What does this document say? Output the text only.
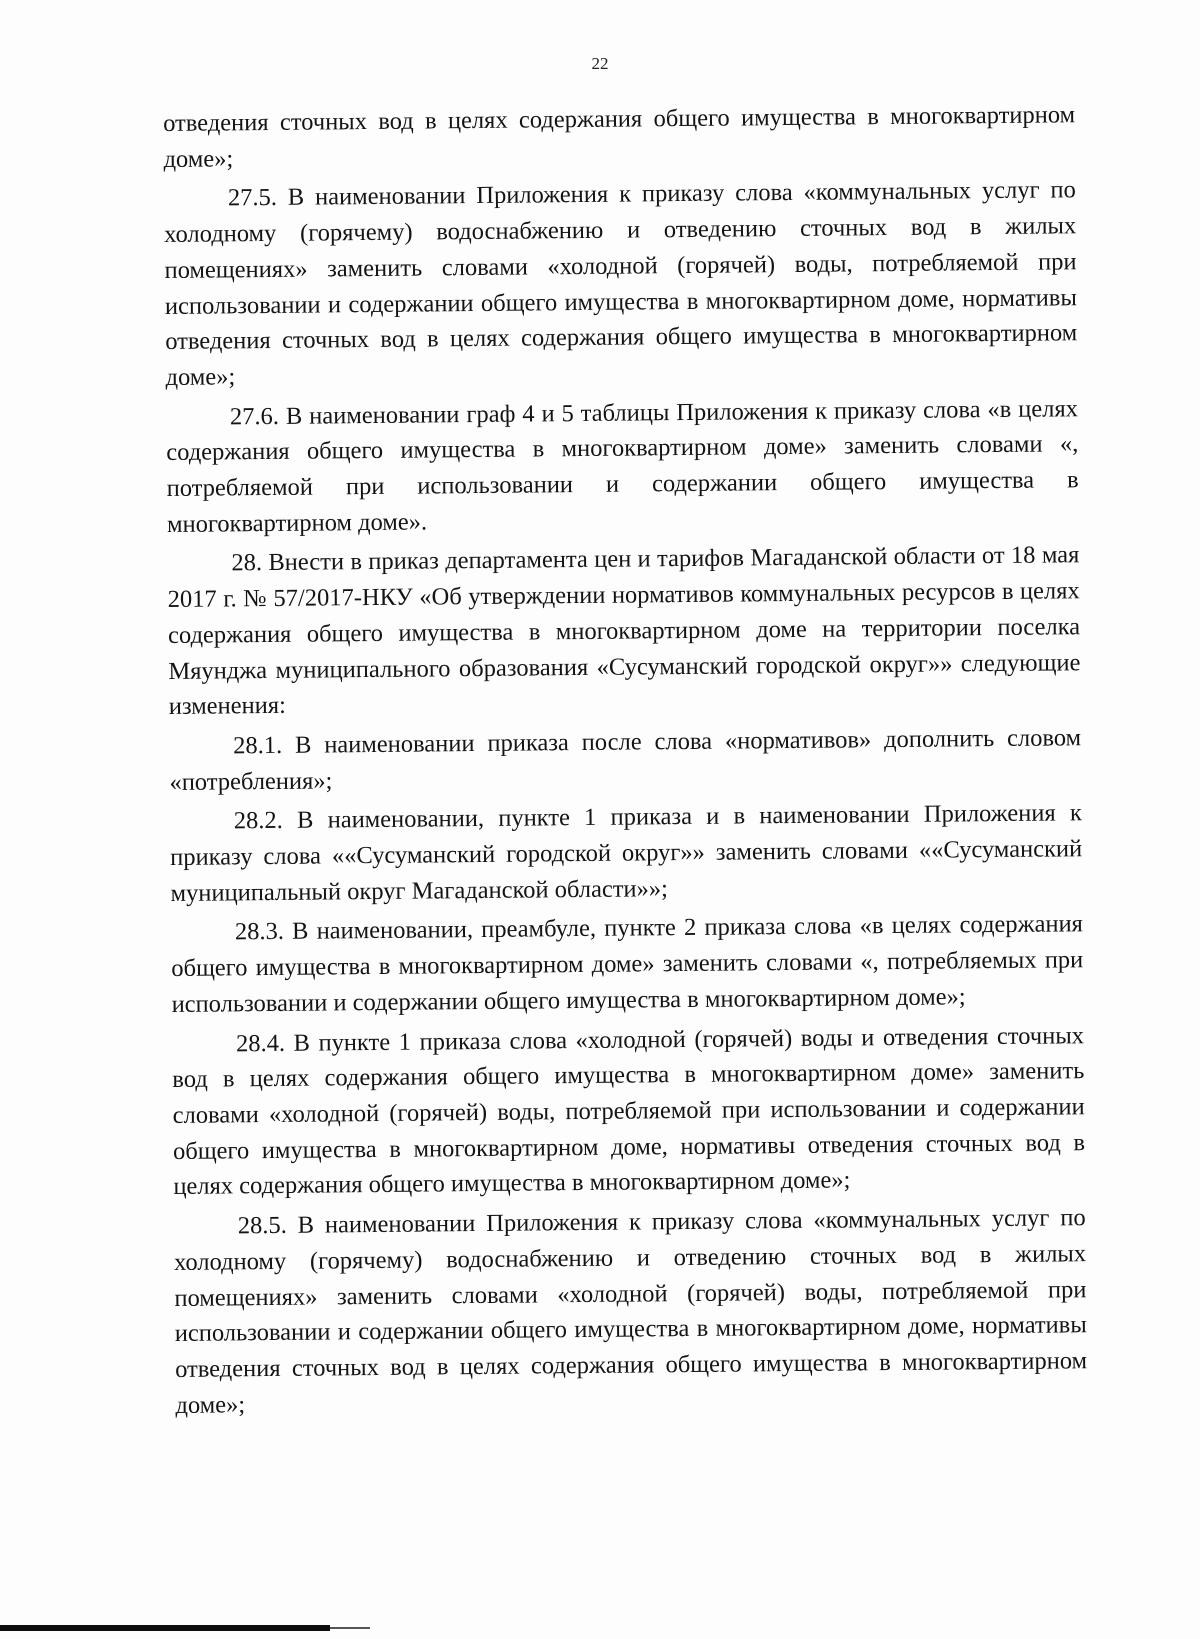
22

отведения сточных вод в целях содержания общего имущества в многоквартирном доме»;

27.5. В наименовании Приложения к приказу слова «коммунальных услуг по холодному (горячему) водоснабжению и отведению сточных вод в жилых помещениях» заменить словами «холодной (горячей) воды, потребляемой при использовании и содержании общего имущества в многоквартирном доме, нормативы отведения сточных вод в целях содержания общего имущества в многоквартирном доме»;

27.6. В наименовании граф 4 и 5 таблицы Приложения к приказу слова «в целях содержания общего имущества в многоквартирном доме» заменить словами «, потребляемой при использовании и содержании общего имущества в многоквартирном доме».

28. Внести в приказ департамента цен и тарифов Магаданской области от 18 мая 2017 г. № 57/2017-НКУ «Об утверждении нормативов коммунальных ресурсов в целях содержания общего имущества в многоквартирном доме на территории поселка Мяунджа муниципального образования «Сусуманский городской округ»» следующие изменения:

28.1. В наименовании приказа после слова «нормативов» дополнить словом «потребления»;

28.2. В наименовании, пункте 1 приказа и в наименовании Приложения к приказу слова ««Сусуманский городской округ»» заменить словами ««Сусуманский муниципальный округ Магаданской области»»;

28.3. В наименовании, преамбуле, пункте 2 приказа слова «в целях содержания общего имущества в многоквартирном доме» заменить словами «, потребляемых при использовании и содержании общего имущества в многоквартирном доме»;

28.4. В пункте 1 приказа слова «холодной (горячей) воды и отведения сточных вод в целях содержания общего имущества в многоквартирном доме» заменить словами «холодной (горячей) воды, потребляемой при использовании и содержании общего имущества в многоквартирном доме, нормативы отведения сточных вод в целях содержания общего имущества в многоквартирном доме»;

28.5. В наименовании Приложения к приказу слова «коммунальных услуг по холодному (горячему) водоснабжению и отведению сточных вод в жилых помещениях» заменить словами «холодной (горячей) воды, потребляемой при использовании и содержании общего имущества в многоквартирном доме, нормативы отведения сточных вод в целях содержания общего имущества в многоквартирном доме»;
